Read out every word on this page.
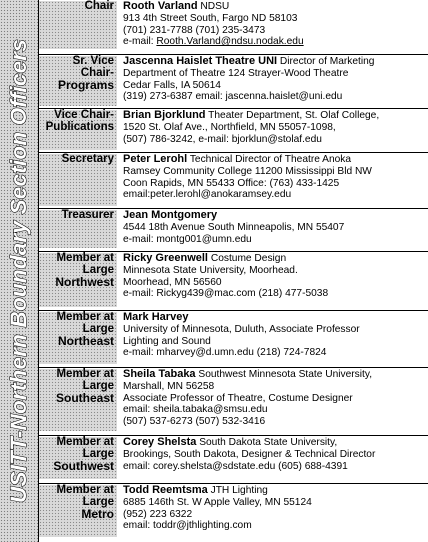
USITT-Northern Boundary Section Officers
Chair Rooth Varland NDSU
913 4th Street South, Fargo ND 58103
(701) 231-7788 (701) 235-3473
e-mail: Rooth.Varland@ndsu.nodak.edu
Sr. Vice
Chair-
Programs
Jascenna Haislet Theatre UNI Director of Marketing
Department of Theatre 124 Strayer-Wood Theatre
Cedar Falls, IA 50614
(319) 273-6387 email: jascenna.haislet@uni.edu
Vice Chair-
Publications
Brian Bjorklund Theater Department, St. Olaf College,
1520 St. Olaf Ave., Northfield, MN 55057-1098,
(507) 786-3242, e-mail: bjorklun@stolaf.edu
Secretary Peter Lerohl Technical Director of Theatre Anoka
Ramsey Community College 11200 Mississippi Bld NW
Coon Rapids, MN 55433 Office: (763) 433-1425
email:peter.lerohl@anokaramsey.edu
Treasurer Jean Montgomery
4544 18th Avenue South Minneapolis, MN 55407
e-mail: montg001@umn.edu
Member at
Large
Northwest
Ricky Greenwell Costume Design
Minnesota State University, Moorhead.
Moorhead, MN 56560
e-mail: Rickyg439@mac.com (218) 477-5038
Member at
Large
Northeast
Mark Harvey
University of Minnesota, Duluth, Associate Professor
Lighting and Sound
e-mail: mharvey@d.umn.edu (218) 724-7824
Member at
Large
Southeast
Sheila Tabaka Southwest Minnesota State University,
Marshall, MN 56258
Associate Professor of Theatre, Costume Designer
email: sheila.tabaka@smsu.edu
(507) 537-6273 (507) 532-3416
Member at
Large
Southwest
Corey Shelsta South Dakota State University,
Brookings, South Dakota, Designer & Technical Director
email: corey.shelsta@sdstate.edu (605) 688-4391
Member at
Large
Metro
Todd Reemtsma JTH Lighting
6885 146th St. W Apple Valley, MN 55124
(952) 223 6322
email: toddr@jthlighting.com
